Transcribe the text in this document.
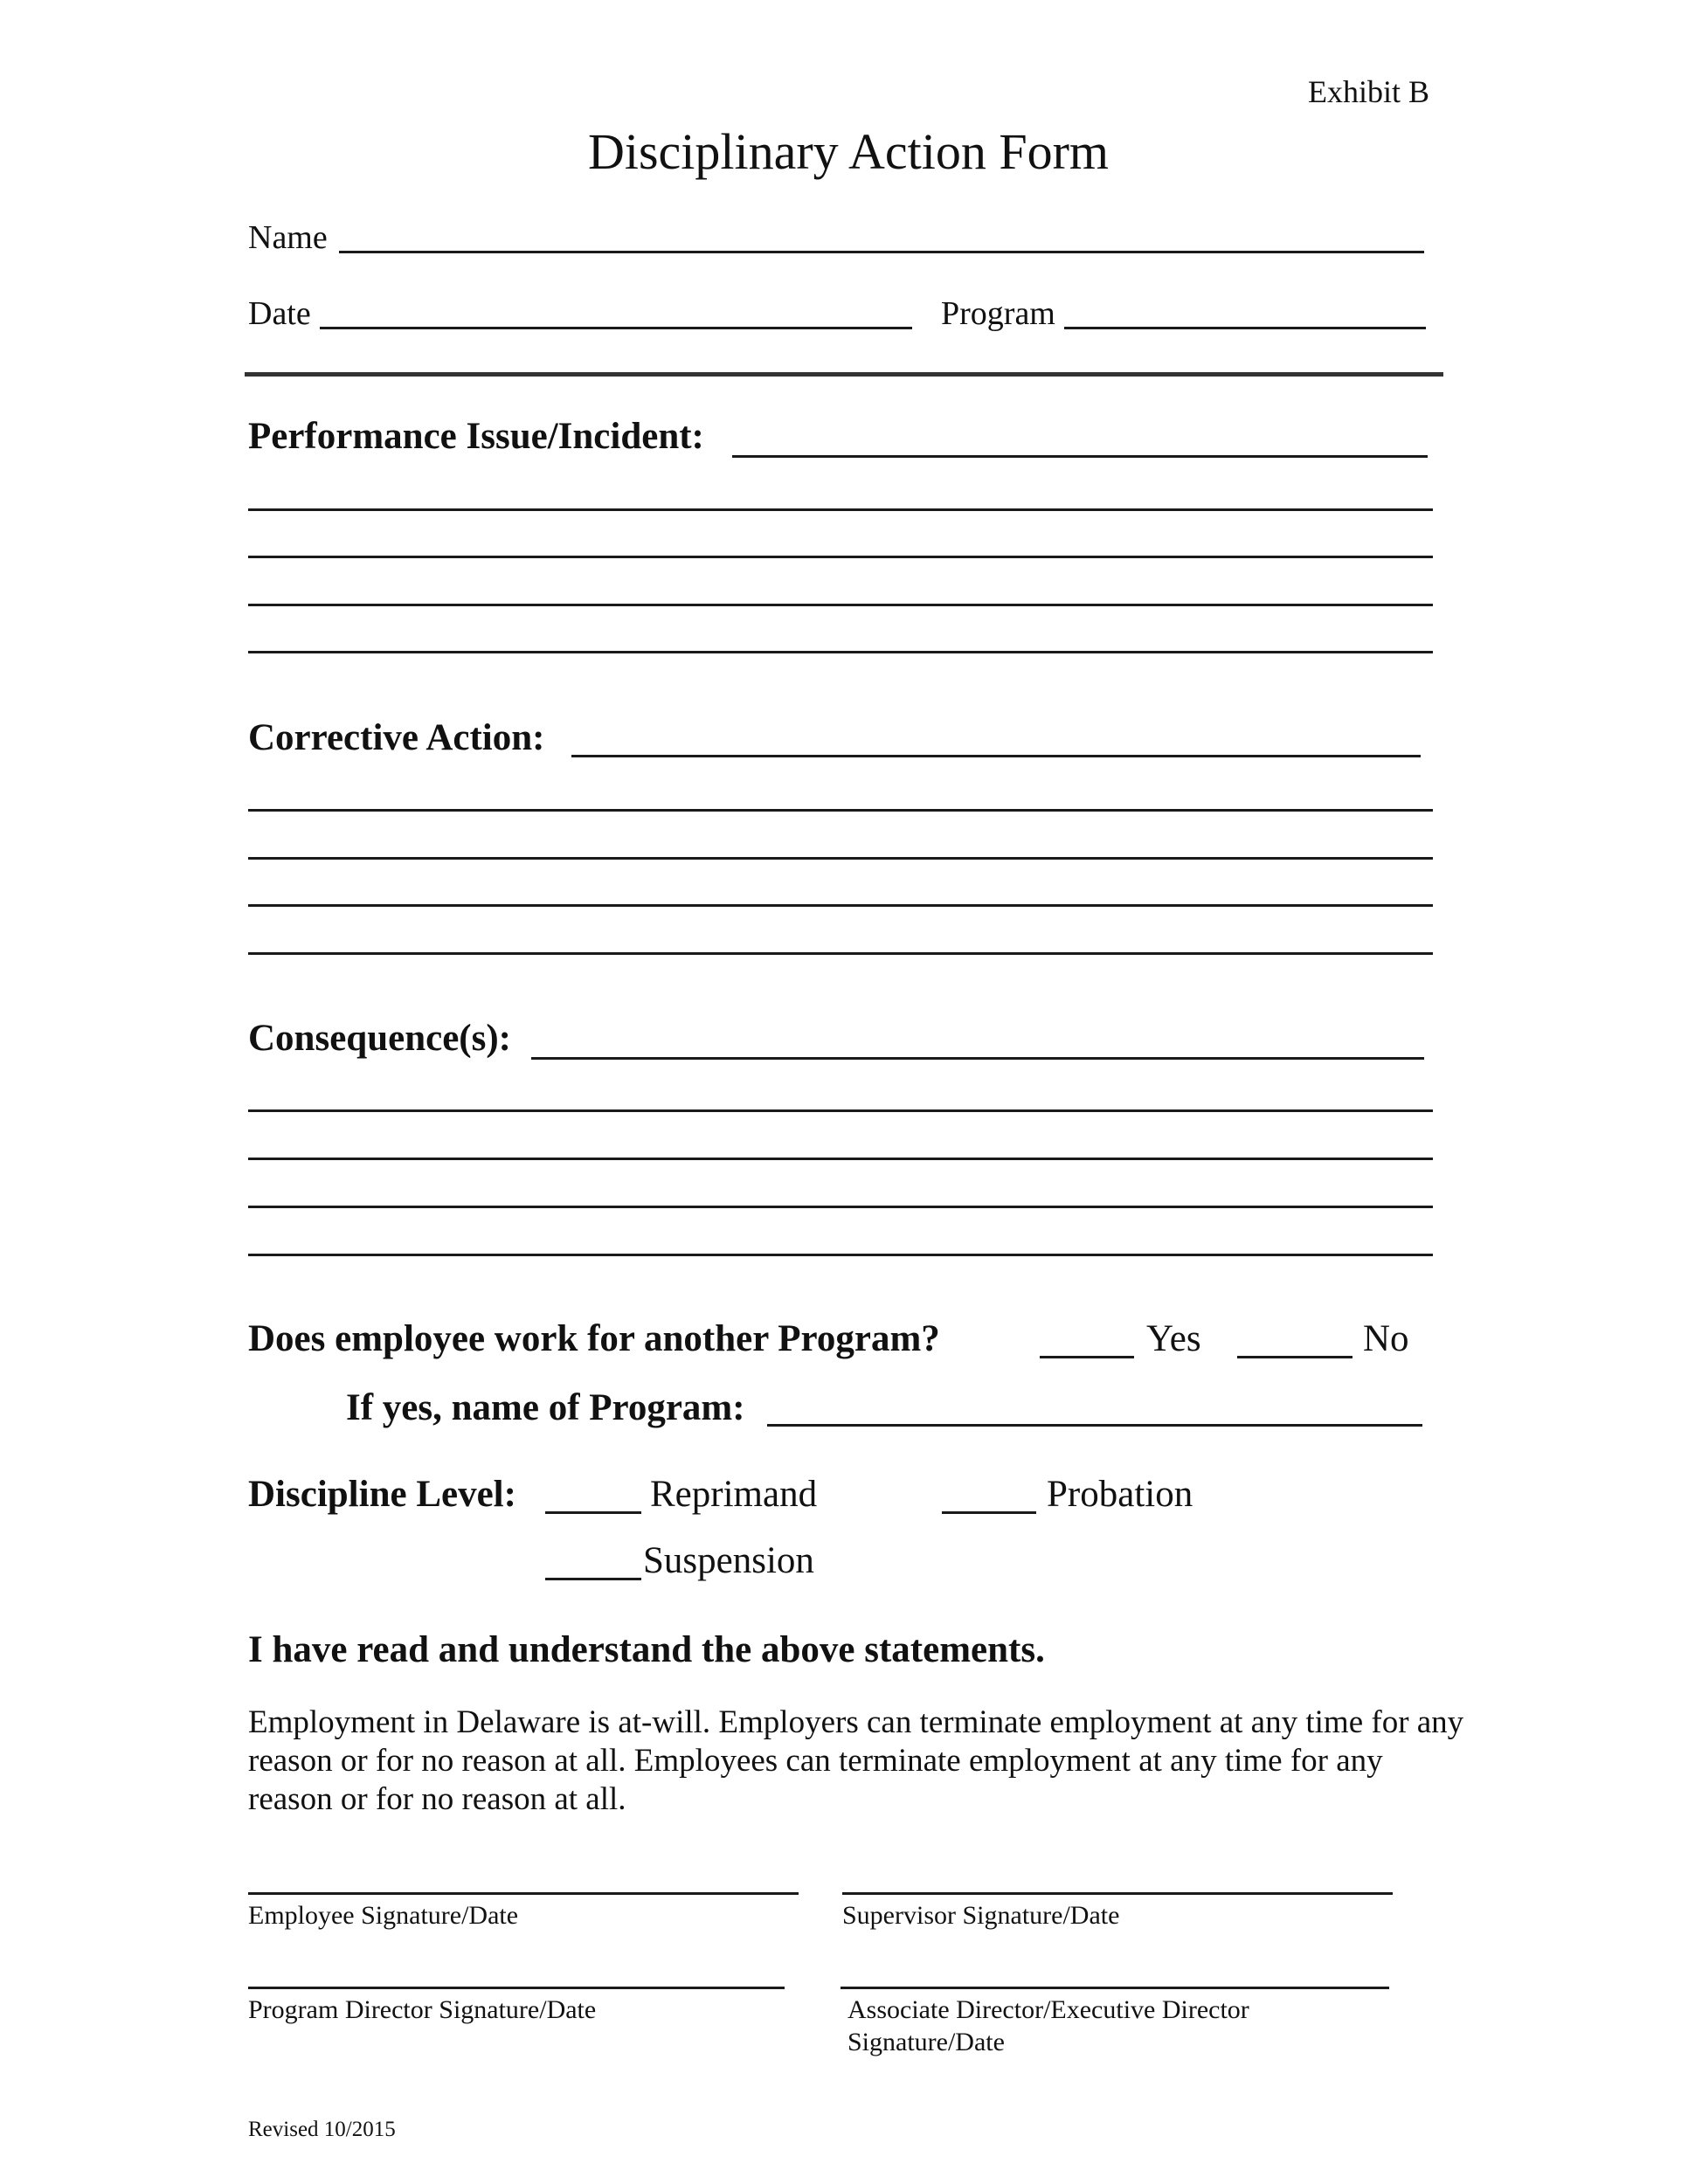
Exhibit B
Disciplinary Action Form
Name
Date	Program
Performance Issue/Incident:
Corrective Action:
Consequence(s):
Does employee work for another Program?	Yes	No
If yes, name of Program:
Discipline Level:	Reprimand	Probation
Suspension
I have read and understand the above statements.
Employment in Delaware is at-will. Employers can terminate employment at any time for any reason or for no reason at all. Employees can terminate employment at any time for any reason or for no reason at all.
Employee Signature/Date	Supervisor Signature/Date
Program Director Signature/Date	Associate Director/Executive Director
Signature/Date
Revised 10/2015
